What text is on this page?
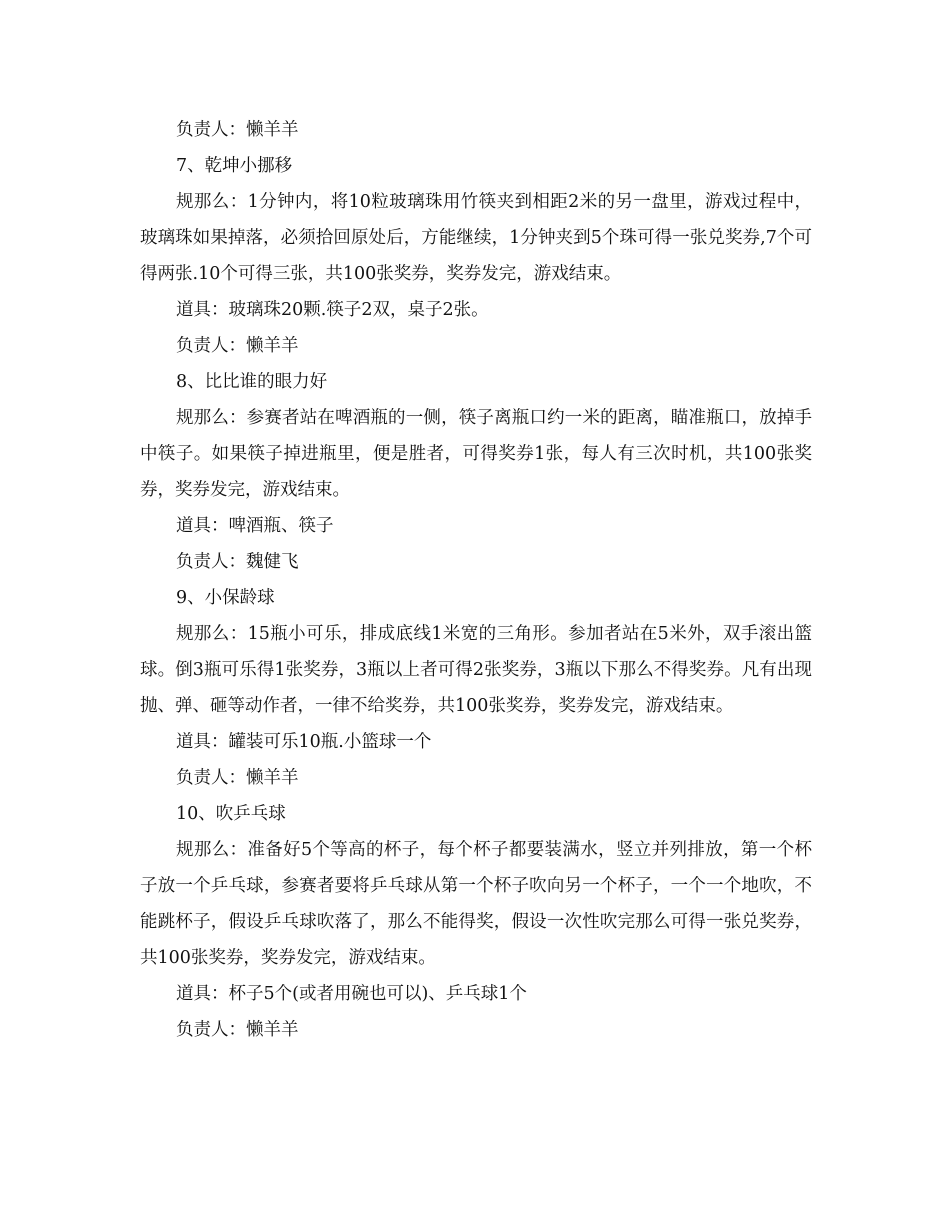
负责人：懒羊羊

7、乾坤小挪移

规那么：1分钟内，将10粒玻璃珠用竹筷夹到相距2米的另一盘里，游戏过程中，玻璃珠如果掉落，必须拾回原处后，方能继续，1分钟夹到5个珠可得一张兑奖券,7个可得两张.10个可得三张，共100张奖券，奖券发完，游戏结束。

道具：玻璃珠20颗.筷子2双，桌子2张。

负责人：懒羊羊

8、比比谁的眼力好

规那么：参赛者站在啤酒瓶的一侧，筷子离瓶口约一米的距离，瞄准瓶口，放掉手中筷子。如果筷子掉进瓶里，便是胜者，可得奖券1张，每人有三次时机，共100张奖券，奖券发完，游戏结束。

道具：啤酒瓶、筷子

负责人：魏健飞

9、小保龄球

规那么：15瓶小可乐，排成底线1米宽的三角形。参加者站在5米外，双手滚出篮球。倒3瓶可乐得1张奖券，3瓶以上者可得2张奖券，3瓶以下那么不得奖券。凡有出现抛、弹、砸等动作者，一律不给奖券，共100张奖券，奖券发完，游戏结束。

道具：罐装可乐10瓶.小篮球一个

负责人：懒羊羊

10、吹乒乓球

规那么：准备好5个等高的杯子，每个杯子都要装满水，竖立并列排放，第一个杯子放一个乒乓球，参赛者要将乒乓球从第一个杯子吹向另一个杯子，一个一个地吹，不能跳杯子，假设乒乓球吹落了，那么不能得奖，假设一次性吹完那么可得一张兑奖券，共100张奖券，奖券发完，游戏结束。

道具：杯子5个(或者用碗也可以)、乒乓球1个

负责人：懒羊羊
